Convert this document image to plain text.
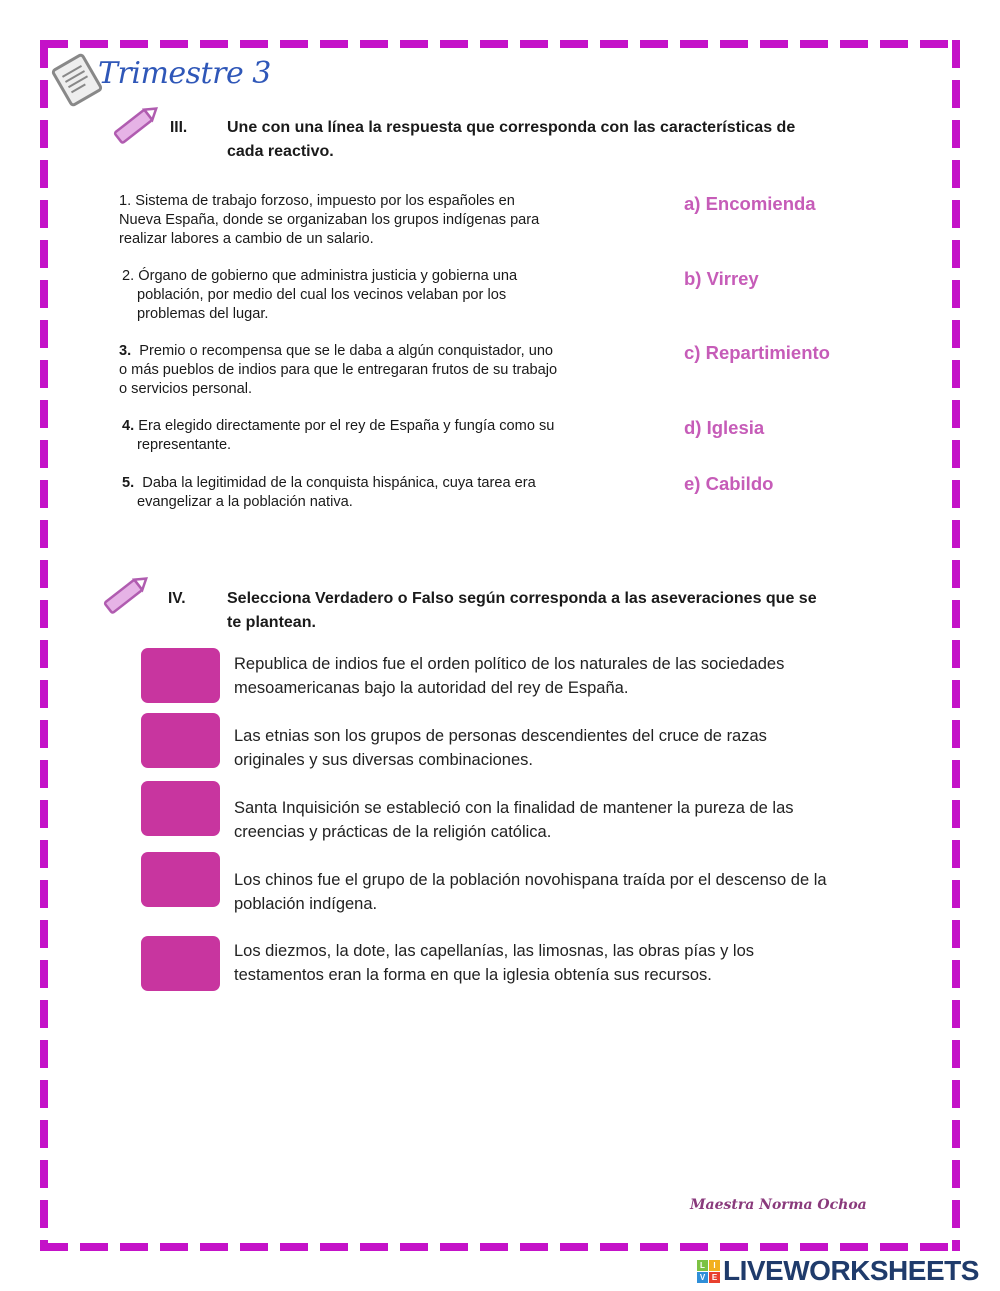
Trimestre 3
III. Une con una línea la respuesta que corresponda con las características de
cada reactivo.
1. Sistema de trabajo forzoso, impuesto por los españoles en
Nueva España, donde se organizaban los grupos indígenas para
realizar labores a cambio de un salario.
2. Órgano de gobierno que administra justicia y gobierna una
población, por medio del cual los vecinos velaban por los
problemas del lugar.
3. Premio o recompensa que se le daba a algún conquistador, uno
o más pueblos de indios para que le entregaran frutos de su trabajo
o servicios personal.
4. Era elegido directamente por el rey de España y fungía como su
representante.
5. Daba la legitimidad de la conquista hispánica, cuya tarea era
evangelizar a la población nativa.
a) Encomienda
b) Virrey
c) Repartimiento
d) Iglesia
e) Cabildo
IV.	Selecciona Verdadero o Falso según corresponda a las aseveraciones que se
te plantean.
Republica de indios fue el orden político de los naturales de las sociedades
mesoamericanas bajo la autoridad del rey de España.
Las etnias son los grupos de personas descendientes del cruce de razas
originales y sus diversas combinaciones.
Santa Inquisición se estableció con la finalidad de mantener la pureza de las
creencias y prácticas de la religión católica.
Los chinos fue el grupo de la población novohispana traída por el descenso de la
población indígena.
Los diezmos, la dote, las capellanías, las limosnas, las obras pías y los
testamentos eran la forma en que la iglesia obtenía sus recursos.
Maestra Norma Ochoa
L	I
V E LIVEWORKSHEETS
